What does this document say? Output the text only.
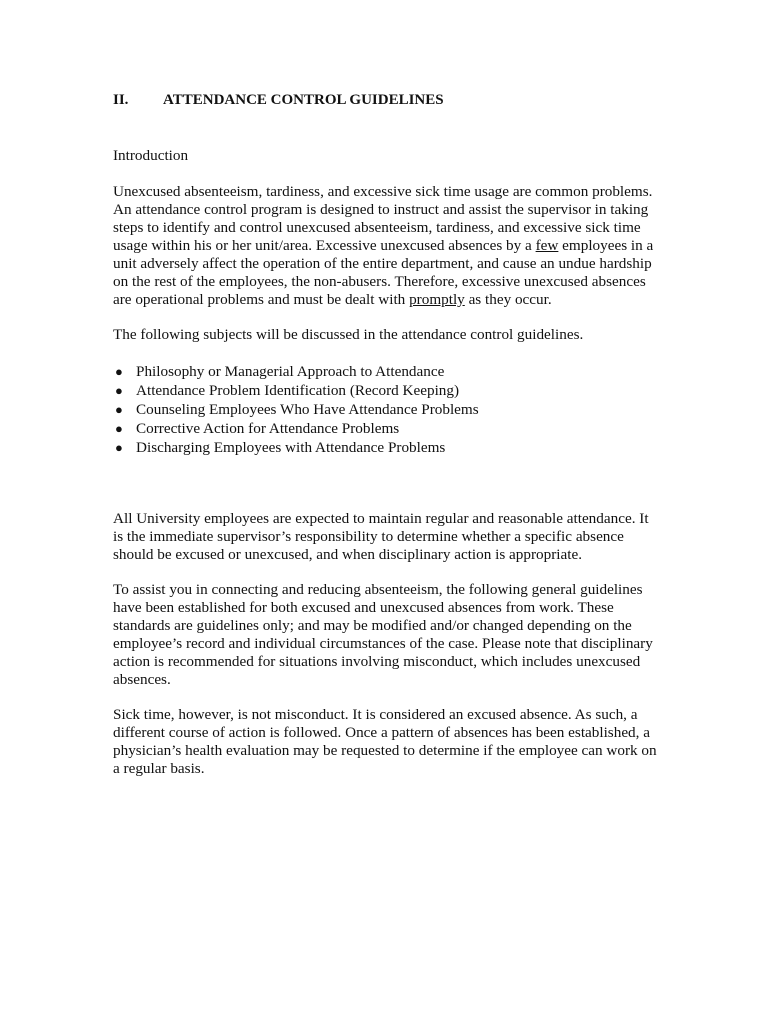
II. ATTENDANCE CONTROL GUIDELINES
Introduction
Unexcused absenteeism, tardiness, and excessive sick time usage are common problems.
An attendance control program is designed to instruct and assist the supervisor in taking
steps to identify and control unexcused absenteeism, tardiness, and excessive sick time
usage within his or her unit/area. Excessive unexcused absences by a few employees in a
unit adversely affect the operation of the entire department, and cause an undue hardship
on the rest of the employees, the non-abusers. Therefore, excessive unexcused absences
are operational problems and must be dealt with promptly as they occur.
The following subjects will be discussed in the attendance control guidelines.
● Philosophy or Managerial Approach to Attendance
● Attendance Problem Identification (Record Keeping)
● Counseling Employees Who Have Attendance Problems
● Corrective Action for Attendance Problems
● Discharging Employees with Attendance Problems
All University employees are expected to maintain regular and reasonable attendance. It
is the immediate supervisor’s responsibility to determine whether a specific absence
should be excused or unexcused, and when disciplinary action is appropriate.
To assist you in connecting and reducing absenteeism, the following general guidelines
have been established for both excused and unexcused absences from work. These
standards are guidelines only; and may be modified and/or changed depending on the
employee’s record and individual circumstances of the case. Please note that disciplinary
action is recommended for situations involving misconduct, which includes unexcused
absences.
Sick time, however, is not misconduct. It is considered an excused absence. As such, a
different course of action is followed. Once a pattern of absences has been established, a
physician’s health evaluation may be requested to determine if the employee can work on
a regular basis.
